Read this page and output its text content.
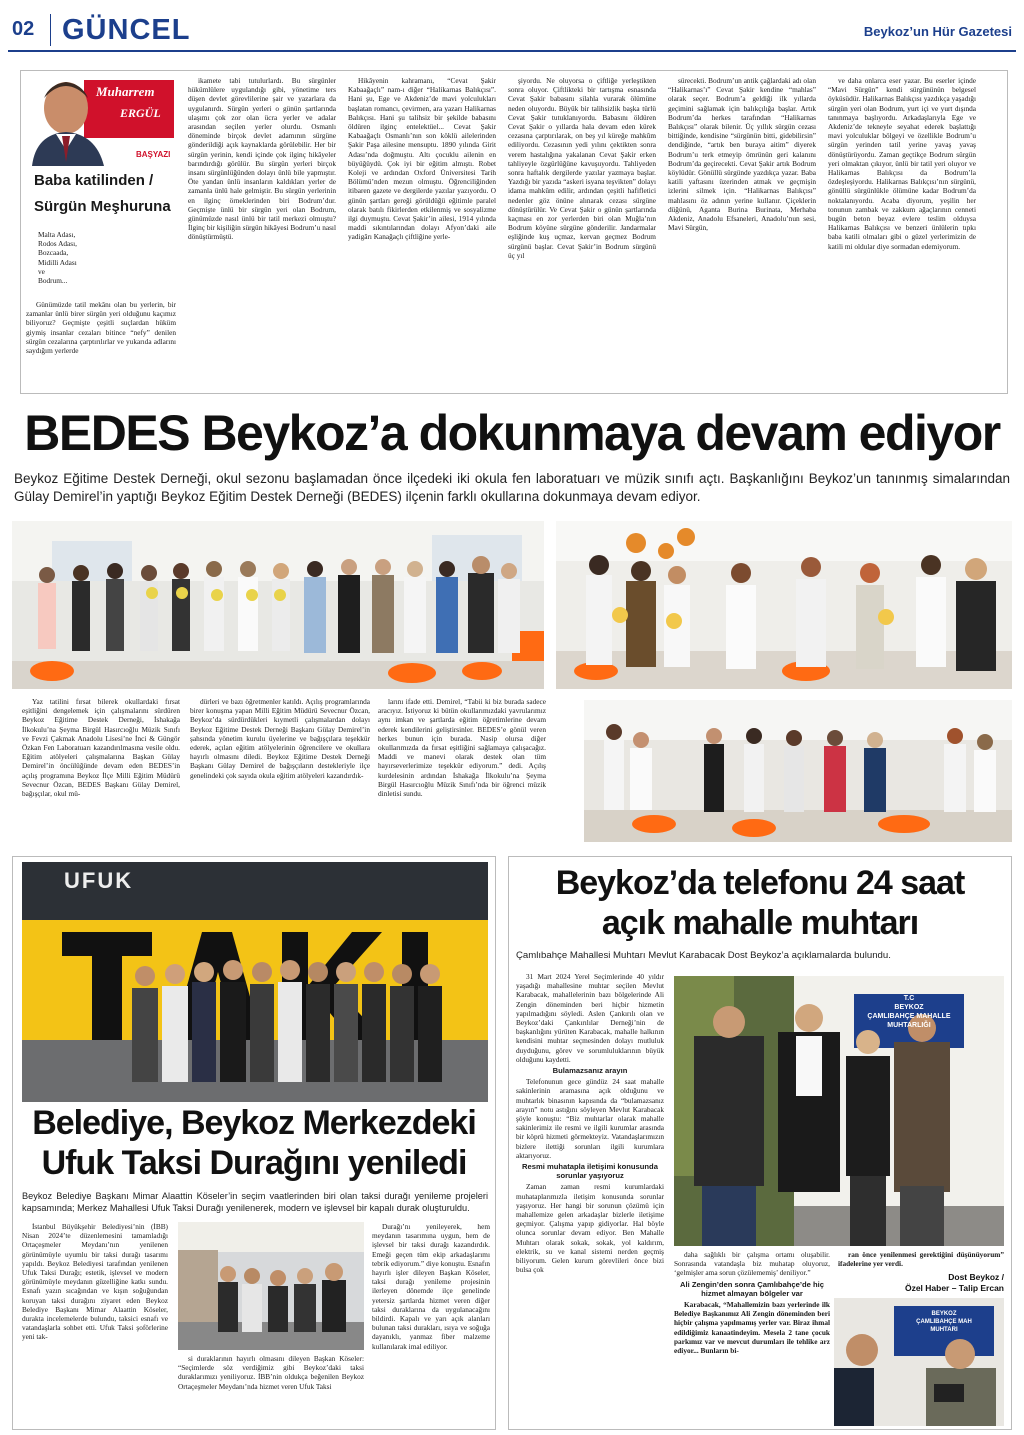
02 GÜNCEL	Beykoz’un Hür Gazetesi
Muharrem
ERGÜL
BAŞYAZI
Baba katilinden /
Sürgün Meşhuruna
Malta Adası,
Rodos Adası,
Bozcaada,
Midilli Adası
ve
Bodrum...

Günümüzde tatil mekânı olan bu yerlerin, bir zamanlar ünlü birer sürgün yeri olduğunu kaçımız biliyoruz? Geçmişte çeşitli suçlardan hüküm giymiş insanlar cezaları bitince “nefy” denilen sürgün cezalarına çarptırılırlar ve yukarıda adlarını saydığım yerlerde

ikamete tabi tutulurlardı. Bu sürgünler hükümlülere uygulandığı gibi, yönetime ters düşen devlet görevlilerine şair ve yazarlara da uygulanırdı. Sürgün yerleri o günün şartlarında ulaşımı çok zor olan ücra yerler ve adalar arasından seçilen yerler olurdu. Osmanlı döneminde birçok devlet adamının sürgüne gönderildiği açık kaynaklarda görülebilir. Her bir sürgün yerinin, kendi içinde çok ilginç hikâyeler barındırdığı görülür. Bu sürgün yerleri birçok insanı sürgünlüğünden dolayı ünlü bile yapmıştır. Öte yandan ünlü insanların kaldıkları yerler de zamanla ünlü hale gelmiştir. Bu sürgün yerlerinin en ilginç örneklerinden biri Bodrum’dur. Geçmişte ünlü bir sürgün yeri olan Bodrum, günümüzde nasıl ünlü bir tatil merkezi olmuştu? İlginç bir kişiliğin sürgün hikâyesi Bodrum’u nasıl dönüştürmüştü.

Hikâyenin kahramanı, “Cevat Şakir Kabaağaçlı” nam-ı diğer “Halikarnas Balıkçısı”. Hani şu, Ege ve Akdeniz’de mavi yolculukları başlatan romancı, çevirmen, ara yazarı Halikarnas Balıkçısı. Hani şu talihsiz bir şekilde babasını öldüren ilginç entelektüel... Cevat Şakir Kabaağaçlı Osmanlı’nın son köklü ailelerinden Şakir Paşa ailesine mensuptu. 1890 yılında Girit Adası’nda doğmuştu. Altı çocuklu ailenin en büyüğüydü. Çok iyi bir eğitim almıştı. Robet Koleji ve ardından Oxford Üniversitesi Tarih Bölümü’nden mezun olmuştu. Öğrenciliğinden itibaren gazete ve dergilerde yazılar yazıyordu. O günün şartları gereği görüldüğü eğitimle paralel olarak batılı fikirlerden etkilenmiş ve sosyalizme ilgi duymuştu. Cevat Şakir’in ailesi, 1914 yılında maddi sıkıntılarından dolayı Afyon’daki aile yadigârı Kanağaçlı çiftliğine yerle-

şiyordu. Ne oluyorsa o çiftliğe yerleştikten sonra oluyor. Çiftlikteki bir tartışma esnasında Cevat Şakir babasını silahla vurarak ölümüne neden oluyordu. Büyük bir talihsizlik başka türlü Cevat Şakir tutuklanıyordu. Babasını öldüren Cevat Şakir o yıllarda hala devam eden kürek cezasına çarptırılarak, on beş yıl küreğe mahkûm ediliyordu. Cezasının yedi yılını çektikten sonra verem hastalığına yakalanan Cevat Şakir erken tahliyeyle özgürlüğüne kavuşuyordu. Tahliyeden sonra haftalık dergilerde yazılar yazmaya başlar. Yazdığı bir yazıda “askeri isyana teşvikten” dolayı idama mahkûm edilir, ardından çeşitli hafifletici nedenler göz önüne alınarak cezası sürgüne dönüştürülür. Ve Cevat Şakir o günün şartlarında kaçması en zor yerlerden biri olan Muğla’nın Bodrum köyüne sürgüne gönderilir. Jandarmalar eşliğinde kuş uçmaz, kervan geçmez Bodrum sürgünü başlar. Cevat Şakir’in Bodrum sürgünü üç yıl

sürecekti. Bodrum’un antik çağlardaki adı olan “Halikarnas’ı” Cevat Şakir kendine “mahlas” olarak seçer. Bodrum’a geldiği ilk yıllarda geçimini sağlamak için balıkçılığa başlar. Artık Bodrum’da herkes tarafından “Halikarnas Balıkçısı” olarak bilenir. Üç yıllık sürgün cezası bittiğinde, kendisine “sürgünün bitti, gidebilirsin” dendiğinde, “artık ben buraya aitim” diyerek Bodrum’u terk etmeyip ömrünün geri kalanını Bodrum’da geçirecekti. Cevat Şakir artık Bodrum köylüdür. Gönüllü sürgünde yazdıkça yazar. Baba katili yaftasını üzerinden atmak ve geçmişin izlerini silmek için. “Halikarnas Balıkçısı” mahlasını öz adının yerine kullanır. Çiçeklerin düğünü, Aganta Burina Burinata, Merhaba Akdeniz, Anadolu Efsaneleri, Anadolu’nun sesi, Mavi Sürgün,

ve daha onlarca eser yazar. Bu eserler içinde “Mavi Sürgün” kendi sürgününün belgesel öyküsüdür. Halikarnas Balıkçısı yazdıkça yaşadığı sürgün yeri olan Bodrum, yurt içi ve yurt dışında tanınmaya başlıyordu. Arkadaşlarıyla Ege ve Akdeniz’de tekneyle seyahat ederek başlattığı mavi yolculuklar bölgeyi ve özellikle Bodrum’u sürgün yerinden tatil yerine yavaş yavaş dönüştürüyordu. Zaman geçtikçe Bodrum sürgün yeri olmaktan çıkıyor, ünlü bir tatil yeri oluyor ve Halikarnas Balıkçısı da Bodrum’la özdeşleşiyordu. Halikarnas Balıkçısı’nın sürgünü, gönüllü sürgünlükle ölümüne kadar Bodrum’da noktalanıyordu. Acaba diyorum, yeşilin her tonunun zambak ve zakkum ağaçlarının cenneti bugün beton beyaz evlere teslim olduysa Halikarnas Balıkçısı ve benzeri ünlülerin tıpkı baba katili olmaları gibi o güzel yerlerimizin de katili mi oldular diye sormadan edemiyorum.

BEDES Beykoz’a dokunmaya devam ediyor
Beykoz Eğitime Destek Derneği, okul sezonu başlamadan önce ilçedeki iki okula fen laboratuarı ve müzik sınıfı açtı. Başkanlığını Beykoz’un tanınmış simalarından Gülay Demirel’in yaptığı Beykoz Eğitim Destek Derneği (BEDES) ilçenin farklı okullarına dokunmaya devam ediyor.

Yaz tatilini fırsat bilerek okullardaki fırsat eşitliğini dengelemek için çalışmalarını sürdüren Beykoz Eğitime Destek Derneği, İshakağa İlkokulu’na Şeyma Birgül Hasırcıoğlu Müzik Sınıfı ve Fevzi Çakmak Anadolu Lisesi’ne İnci & Güngör Özkan Fen Laboratuarı kazandırılmasına vesile oldu. Eğitim atölyeleri çalışmalarına Başkan Gülay Demirel’in öncülüğünde devam eden BEDES’in açılış programına Beykoz İlçe Milli Eğitim Müdürü Sevecnur Özcan, BEDES Başkanı Gülay Demirel, bağışçılar, okul mü-

dürleri ve bazı öğretmenler katıldı. Açılış programlarında birer konuşma yapan Milli Eğitim Müdürü Sevecnur Özcan, Beykoz’da sürdürdükleri kıymetli çalışmalardan dolayı Beykoz Eğitime Destek Derneği Başkanı Gülay Demirel’in şahsında yönetim kurulu üyelerine ve bağışçılara teşekkür ederek, açılan eğitim atölyelerinin öğrencilere ve okullara hayırlı olmasını diledi. Beykoz Eğitime Destek Derneği Başkanı Gülay Demirel de bağışçıların destekleriyle ilçe genelindeki çok sayıda okula eğitim atölyeleri kazandırdık-

larını ifade etti. Demirel, “Tabii ki biz burada sadece aracıyız. İstiyoruz ki bütün okullarımızdaki yavrularımız aynı imkan ve şartlarda eğitim öğretimlerine devam ederek kendilerini geliştirsinler. BEDES’e gönül veren herkes bunun için burada. Nasip olursa diğer okullarımızda da fırsat eşitliğini sağlamaya çalışacağız. Maddi ve manevi olarak destek olan tüm hayırseverlerimize teşekkür ediyorum.” dedi. Açılış kurdelesinin ardından İshakağa İlkokulu’na Şeyma Birgül Hasırcıoğlu Müzik Sınıfı’nda bir öğrenci müzik dinletisi sundu.

UFUK
Belediye, Beykoz Merkezdeki
Ufuk Taksi Durağını yeniledi
Beykoz Belediye Başkanı Mimar Alaattin Köseler’in seçim vaatlerinden biri olan taksi durağı yenileme projeleri kapsamında; Merkez Mahallesi Ufuk Taksi Durağı yenilenerek, modern ve işlevsel bir kapalı durak oluşturuldu.

İstanbul Büyükşehir Belediyesi’nin (İBB) Nisan 2024’te düzenlemesini tamamladığı Ortaçeşmeler Meydanı’nın yenilenen görünümüyle uyumlu bir taksi durağı tasarımı yapıldı. Beykoz Belediyesi tarafından yenilenen Ufuk Taksi Durağı; estetik, işlevsel ve modern görünümüyle meydanın güzelliğine katkı sundu. Esnafı yazın sıcağından ve kışın soğuğundan koruyan taksi durağını ziyaret eden Beykoz Belediye Başkanı Mimar Alaattin Köseler, durakta incelemelerde bulundu, taksici esnafı ve vatandaşlarla sohbet etti. Ufuk Taksi şoförlerine yeni tak-

si duraklarının hayırlı olmasını dileyen Başkan Köseler: “Seçimlerde söz verdiğimiz gibi Beykoz’daki taksi duraklarımızı yeniliyoruz. İBB’nin oldukça beğenilen Beykoz Ortaçeşmeler Meydanı’nda hizmet veren Ufuk Taksi

Durağı’nı yenileyerek, hem meydanın tasarımına uygun, hem de işlevsel bir taksi durağı kazandırdık. Emeği geçen tüm ekip arkadaşlarımı tebrik ediyorum.” diye konuştu. Esnafın hayırlı işler dileyen Başkan Köseler, taksi durağı yenileme projesinin ilerleyen dönemde ilçe genelinde yetersiz şartlarda hizmet veren diğer taksi duraklarına da uygulanacağını bildirdi. Kapalı ve yarı açık alanları bulunan taksi durakları, ısıya ve soğuğa dayanıklı, yanmaz fiber malzeme kullanılarak imal ediliyor.

Beykoz’da telefonu 24 saat
açık mahalle muhtarı
Çamlıbahçe Mahallesi Muhtarı Mevlut Karabacak Dost Beykoz’a açıklamalarda bulundu.

31 Mart 2024 Yerel Seçimlerinde 40 yıldır yaşadığı mahallesine muhtar seçilen Mevlut Karabacak, mahallelerinin bazı bölgelerinde Ali Zengin döneminden beri hiçbir hizmetin yapılmadığını söyledi. Aslen Çankırılı olan ve Beykoz’daki Çankırılılar Derneği’nin de başkanlığını yürüten Karabacak, mahalle halkının kendisini muhtar seçmesinden dolayı mutluluk duyduğunu, görev ve sorumluluklarının büyük olduğunu kaydetti.

Bulamazsanız arayın

Telefonunun gece gündüz 24 saat mahalle sakinlerinin aramasına açık olduğunu ve muhtarlık binasının kapısında da “bulamazsanız arayın” notu astığını söyleyen Mevlut Karabacak şöyle konuştu: “Biz muhtarlar olarak mahalle sakinlerimiz ile resmi ve ilgili kurumlar arasında bir köprü hizmeti görmekteyiz. Vatandaşlarımızın bizlere ilettiği sorunları ilgili kurumlara aktarıyoruz.

Resmi muhatapla iletişimi konusunda sorunlar yaşıyoruz

Zaman zaman resmi kurumlardaki muhataplarımızla iletişim konusunda sorunlar yaşıyoruz. Her hangi bir sorunun çözümü için mahallemize gelen arkadaşlar bizlerle iletişime geçmiyor. Çalışma yapıp gidiyorlar. Hal böyle olunca sorunlar devam ediyor. Ben Mahalle Muhtarı olarak sokak, sokak, yol kaldırım, elektrik, su ve kanal sistemi nerden geçmiş biliyorum. Gelen kurum görevlileri önce bizi bulsa çok

T.C
BEYKOZ
ÇAMLIBAHÇE MAHALLE
MUHTARLIĞI

daha sağlıklı bir çalışma ortamı oluşabilir. Sonrasında vatandaşla biz muhatap oluyoruz, ‘gelmişler ama sorun çözülememiş’ deniliyor.”

Ali Zengin’den sonra Çamlıbahçe’de hiç hizmet almayan bölgeler var

Karabacak, “Mahallemizin bazı yerlerinde ilk Belediye Başkanımız Ali Zengin döneminden beri hiçbir çalışma yapılmamış yerler var. Biraz ihmal edildiğimiz kanaatindeyim. Mesela 2 tane çocuk parkımız var ve mevcut durumları ile tehlike arz ediyor... Bunların bi-

ran önce yenilenmesi gerektiğini düşünüyorum” ifadelerine yer verdi.

Dost Beykoz /
Özel Haber – Talip Ercan
BEYKOZ
ÇAMLIBAHÇE MAH
MUHTARI
